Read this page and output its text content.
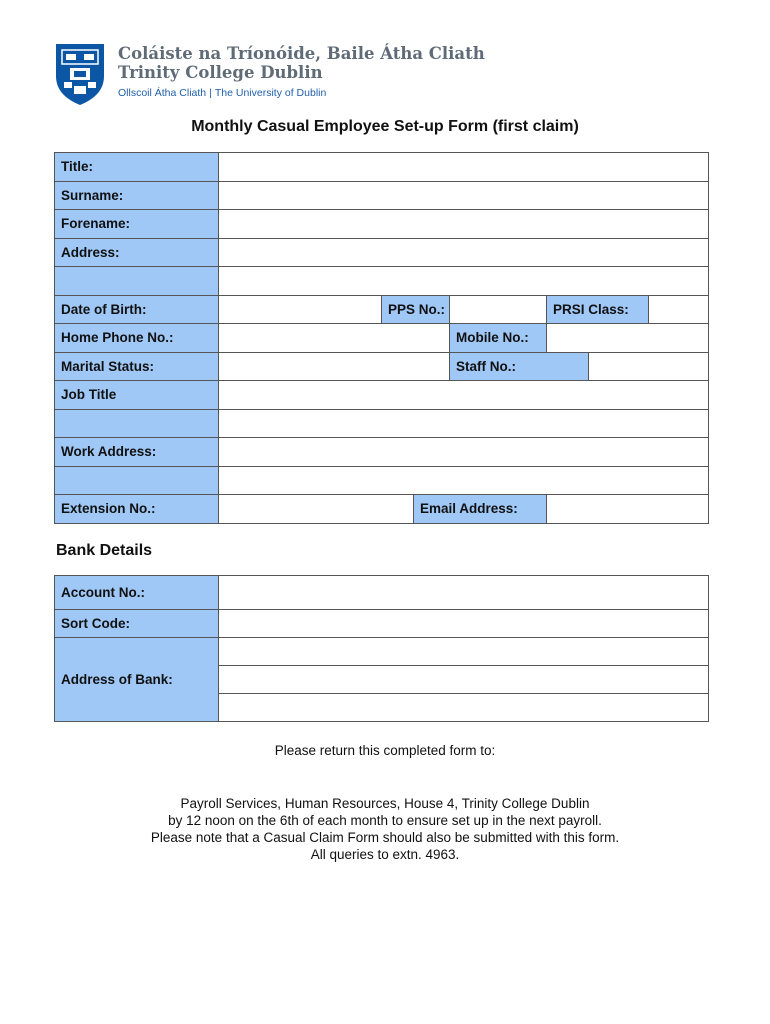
Coláiste na Tríonóide, Baile Átha Cliath
Trinity College Dublin
Ollscoil Átha Cliath | The University of Dublin
Monthly Casual Employee Set-up Form (first claim)
Title:							
Surname:							
Forename:							
Address:							

Date of Birth:		PPS No.:			PRSI Class:		
Home Phone No.:				Mobile No.:			
Marital Status:				Staff No.:			
Job Title							

Work Address:							

Extension No.:			Email Address:				
Bank Details
Account No.:	
Sort Code:	
Address of Bank:	

Please return this completed form to:
Payroll Services, Human Resources, House 4, Trinity College Dublin
by 12 noon on the 6th of each month to ensure set up in the next payroll.
Please note that a Casual Claim Form should also be submitted with this form.
All queries to extn. 4963.
